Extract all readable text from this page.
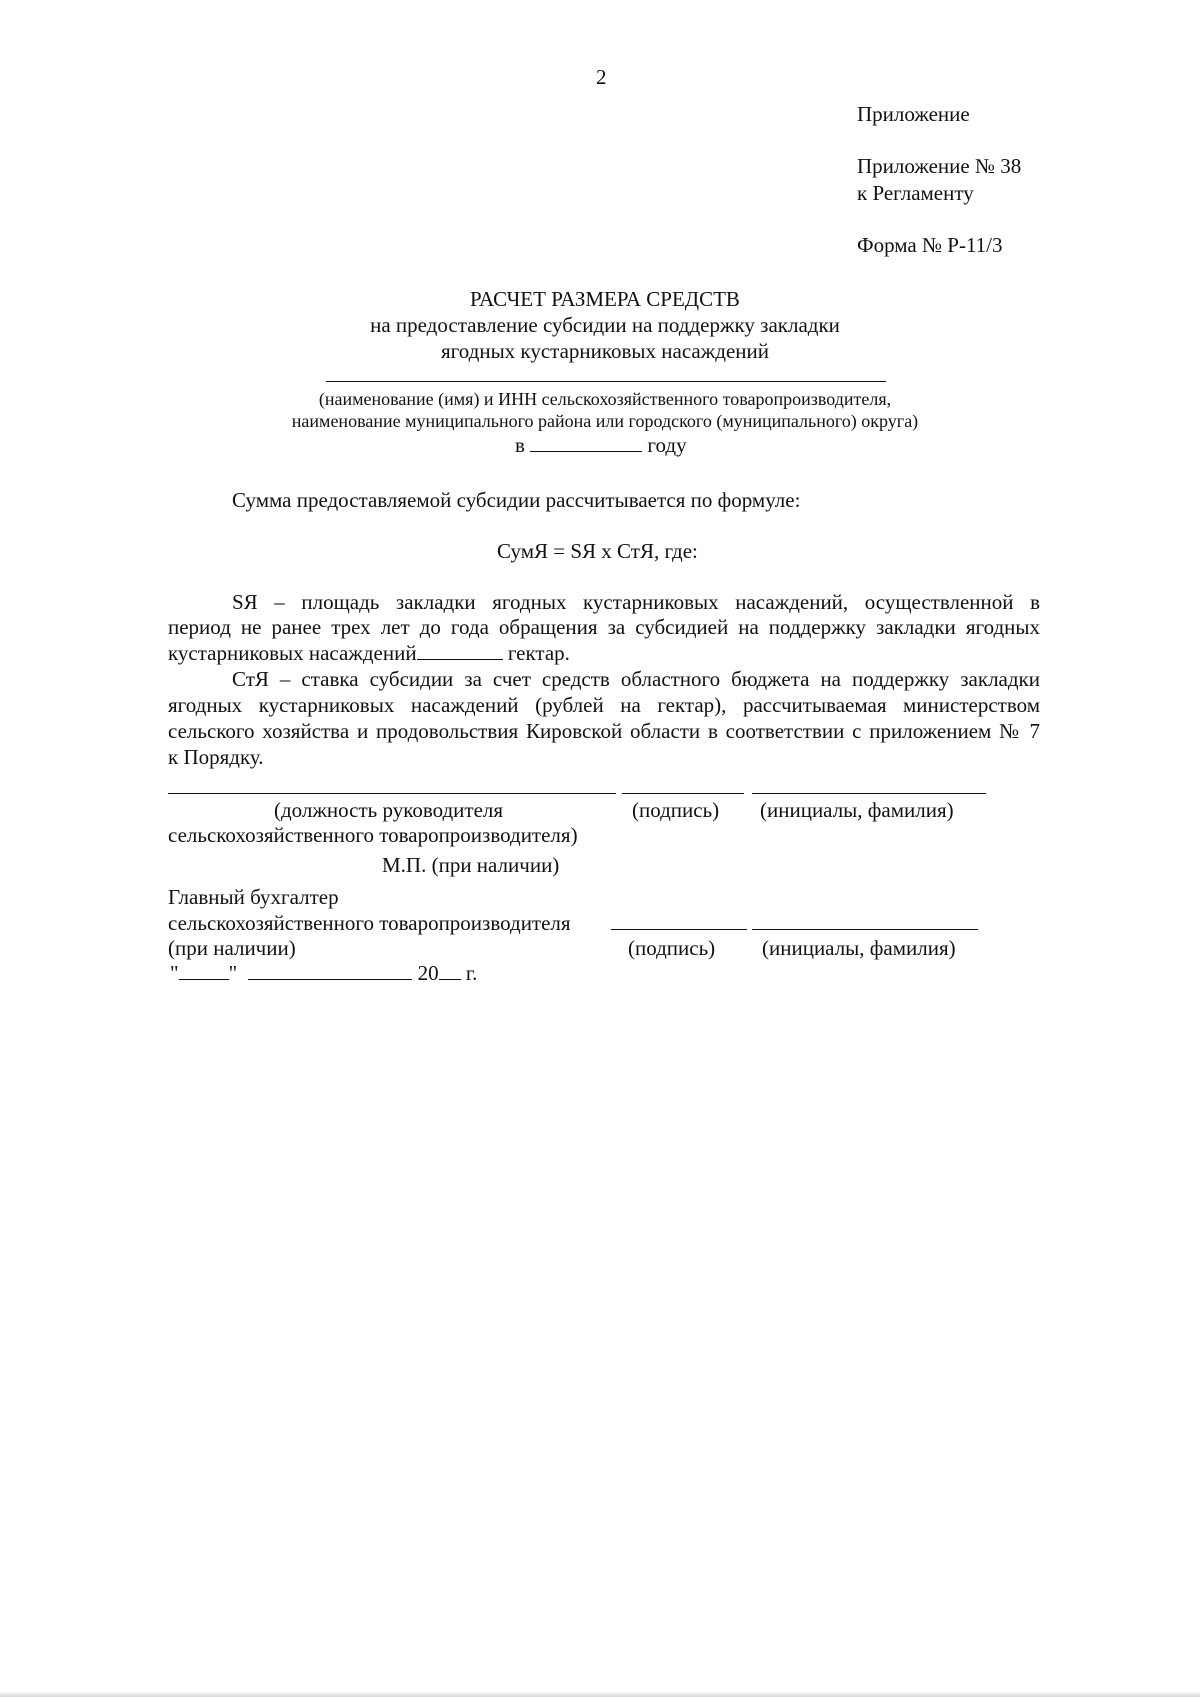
2
Приложение
Приложение № 38
к Регламенту
Форма № Р-11/3
РАСЧЕТ РАЗМЕРА СРЕДСТВ
на предоставление субсидии на поддержку закладки
ягодных кустарниковых насаждений
(наименование (имя) и ИНН сельскохозяйственного товаропроизводителя,
наименование муниципального района или городского (муниципального) округа)
в	году
Сумма предоставляемой субсидии рассчитывается по формуле:
СумЯ = SЯ х СтЯ, где:
SЯ – площадь закладки ягодных кустарниковых насаждений, осуществленной в
период не ранее трех лет до года обращения за субсидией на поддержку закладки ягодных
кустарниковых насаждений	гектар.
СтЯ – ставка субсидии за счет средств областного бюджета на поддержку закладки
ягодных кустарниковых насаждений (рублей на гектар), рассчитываемая министерством
сельского хозяйства и продовольствия Кировской области в соответствии с приложением № 7
к Порядку.
(должность руководителя	(подпись) (инициалы, фамилия)
сельскохозяйственного товаропроизводителя)
М.П. (при наличии)
Главный бухгалтер
сельскохозяйственного товаропроизводителя
(при наличии)	(подпись) (инициалы, фамилия)
" "	20 г.
